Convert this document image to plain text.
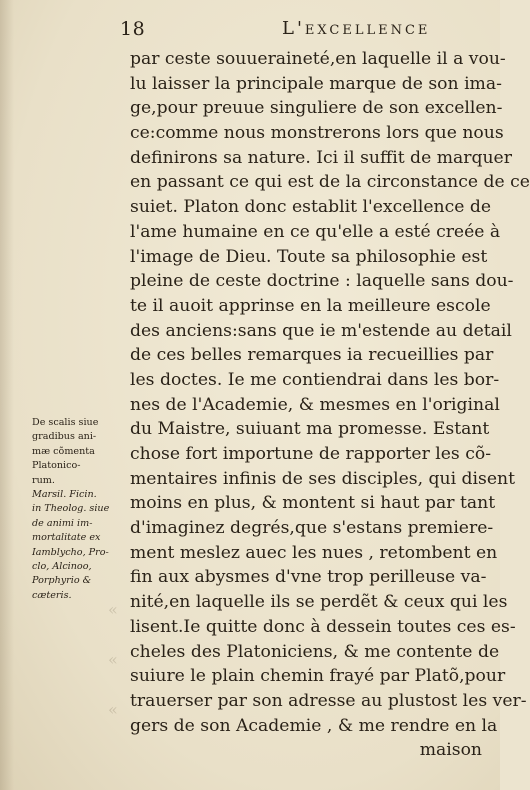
18	L'excellence
De scalis siue
gradibus ani-
mæ cõmenta
Platonico-
rum.
Marsil. Ficin.
in Theolog. siue
de animi im-
mortalitate ex
Iamblycho, Pro-
clo, Alcinoo,
Porphyrio &
cæteris.
par ceste souueraineté,en laquelle il a vou-
lu laisser la principale marque de son ima-
ge,pour preuue singuliere de son excellen-
ce:comme nous monstrerons lors que nous
definirons sa nature. Ici il suffit de marquer
en passant ce qui est de la circonstance de ce
suiet. Platon donc establit l'excellence de
l'ame humaine en ce qu'elle a esté creée à
l'image de Dieu. Toute sa philosophie est
pleine de ceste doctrine : laquelle sans dou-
te il auoit apprinse en la meilleure escole
des anciens:sans que ie m'estende au detail
de ces belles remarques ia recueillies par
les doctes. Ie me contiendrai dans les bor-
nes de l'Academie, & mesmes en l'original
du Maistre, suiuant ma promesse. Estant
chose fort importune de rapporter les cõ-
mentaires infinis de ses disciples, qui disent
moins en plus, & montent si haut par tant
d'imaginez degrés,que s'estans premiere-
ment meslez auec les nues , retombent en
fin aux abysmes d'vne trop perilleuse va-
nité,en laquelle ils se perdẽt & ceux qui les
lisent.Ie quitte donc à dessein toutes ces es-
cheles des Platoniciens, & me contente de
suiure le plain chemin frayé par Platõ,pour
trauerser par son adresse au plustost les ver-
gers de son Academie , & me rendre en la
maison
«
«
«
